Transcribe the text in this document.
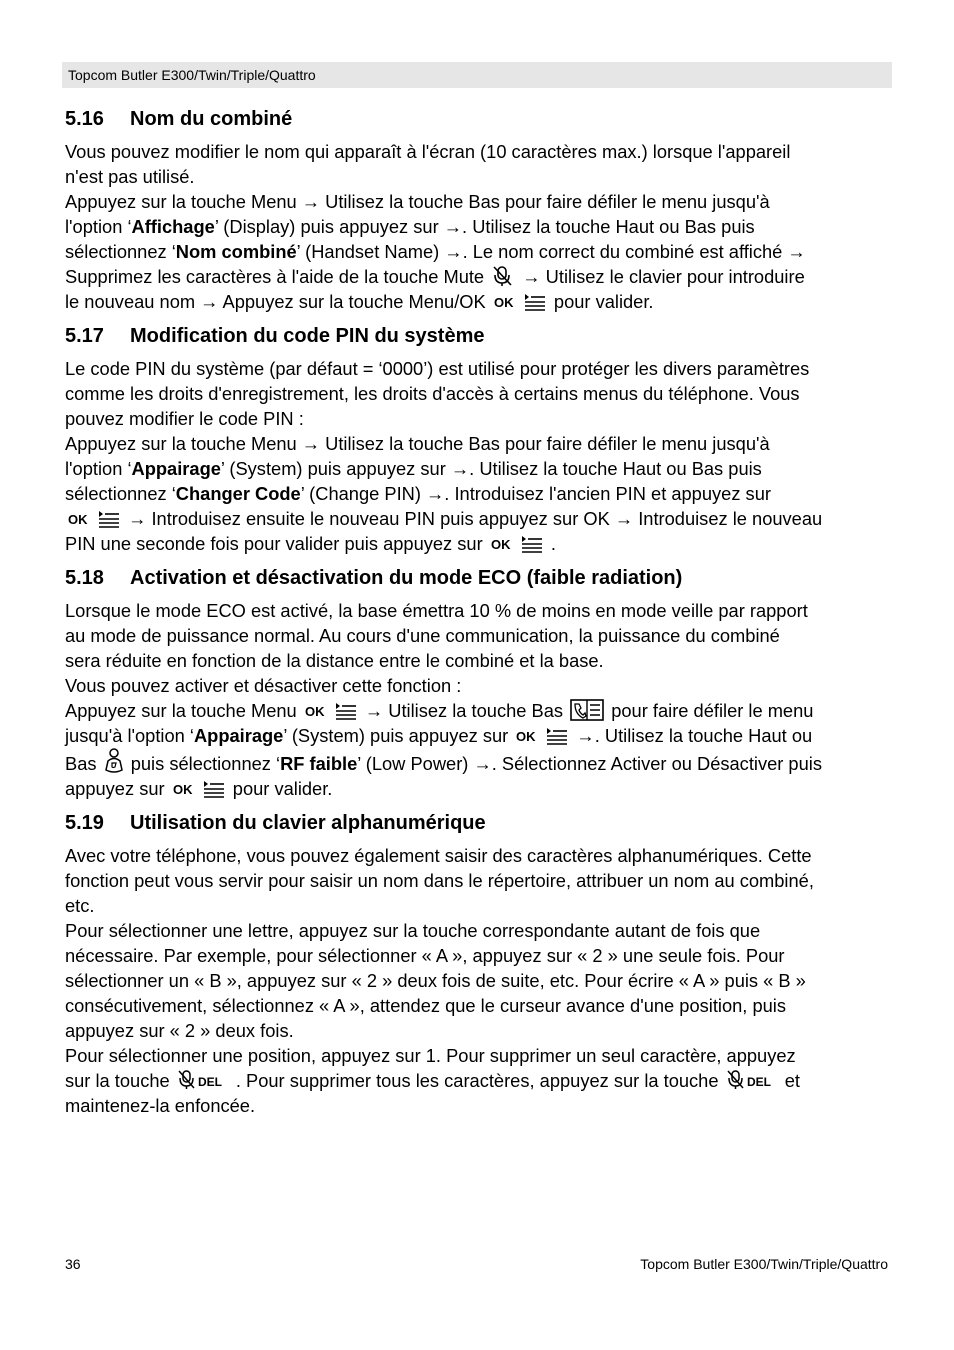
Topcom Butler E300/Twin/Triple/Quattro
5.16 Nom du combiné

Vous pouvez modifier le nom qui apparaît à l'écran (10 caractères max.) lorsque l'appareil

n'est pas utilisé.

Appuyez sur la touche Menu → Utilisez la touche Bas pour faire défiler le menu jusqu'à

l'option ‘Affichage’ (Display) puis appuyez sur →. Utilisez la touche Haut ou Bas puis

sélectionnez ‘Nom combiné’ (Handset Name) →. Le nom correct du combiné est affiché →

Supprimez les caractères à l'aide de la touche Mute → Utilisez le clavier pour introduire

le nouveau nom → Appuyez sur la touche Menu/OK OK pour valider.

5.17 Modification du code PIN du système

Le code PIN du système (par défaut = ‘0000’) est utilisé pour protéger les divers paramètres

comme les droits d'enregistrement, les droits d'accès à certains menus du téléphone. Vous

pouvez modifier le code PIN :

Appuyez sur la touche Menu → Utilisez la touche Bas pour faire défiler le menu jusqu'à

l'option ‘Appairage’ (System) puis appuyez sur →. Utilisez la touche Haut ou Bas puis

sélectionnez ‘Changer Code’ (Change PIN) →. Introduisez l'ancien PIN et appuyez sur

OK → Introduisez ensuite le nouveau PIN puis appuyez sur OK → Introduisez le nouveau

PIN une seconde fois pour valider puis appuyez sur OK .

5.18 Activation et désactivation du mode ECO (faible radiation)

Lorsque le mode ECO est activé, la base émettra 10 % de moins en mode veille par rapport

au mode de puissance normal. Au cours d'une communication, la puissance du combiné

sera réduite en fonction de la distance entre le combiné et la base.

Vous pouvez activer et désactiver cette fonction :

Appuyez sur la touche Menu OK → Utilisez la touche Bas	pour faire défiler le menu

jusqu'à l'option ‘Appairage’ (System) puis appuyez sur OK →. Utilisez la touche Haut ou

Bas puis sélectionnez ‘RF faible’ (Low Power) →. Sélectionnez Activer ou Désactiver puis

appuyez sur OK pour valider.

5.19 Utilisation du clavier alphanumérique

Avec votre téléphone, vous pouvez également saisir des caractères alphanumériques. Cette

fonction peut vous servir pour saisir un nom dans le répertoire, attribuer un nom au combiné,

etc.

Pour sélectionner une lettre, appuyez sur la touche correspondante autant de fois que

nécessaire. Par exemple, pour sélectionner « A », appuyez sur « 2 » une seule fois. Pour

sélectionner un « B », appuyez sur « 2 » deux fois de suite, etc. Pour écrire « A » puis « B »

consécutivement, sélectionnez « A », attendez que le curseur avance d'une position, puis

appuyez sur « 2 » deux fois.

Pour sélectionner une position, appuyez sur 1. Pour supprimer un seul caractère, appuyez

sur la touche DEL . Pour supprimer tous les caractères, appuyez sur la touche DEL et

maintenez-la enfoncée.

36	Topcom Butler E300/Twin/Triple/Quattro
